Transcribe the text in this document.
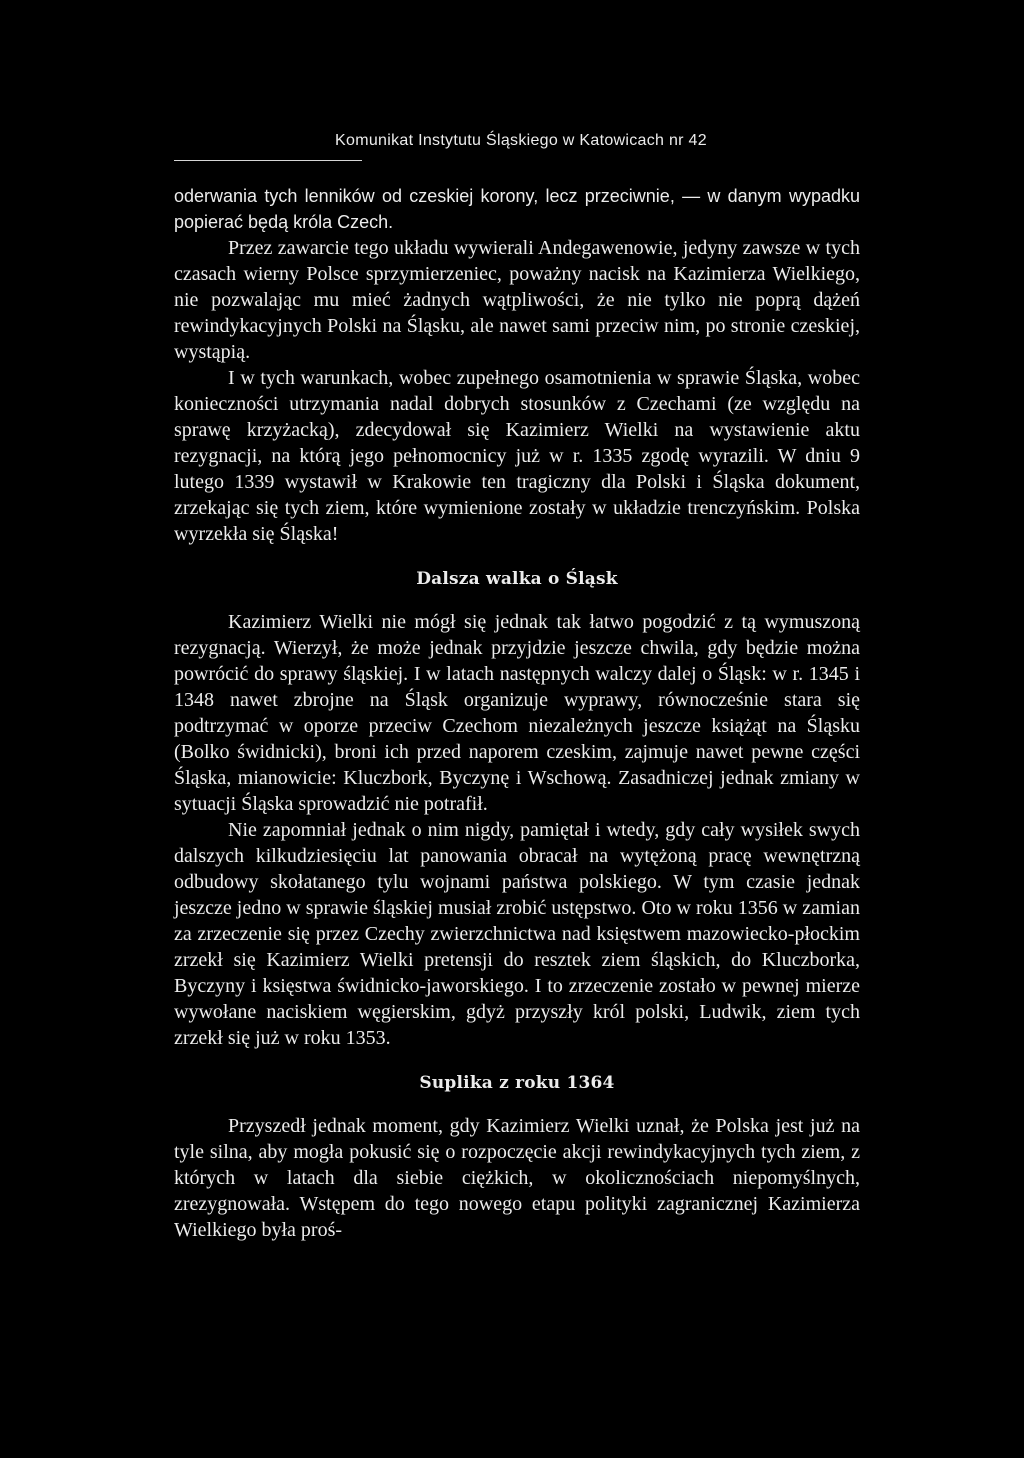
Komunikat Instytutu Śląskiego w Katowicach nr 42

oderwania tych lenników od czeskiej korony, lecz przeciwnie, — w danym wypadku popierać będą króla Czech.

Przez zawarcie tego układu wywierali Andegawenowie, jedyny zawsze w tych czasach wierny Polsce sprzymierzeniec, poważny nacisk na Kazimierza Wielkiego, nie pozwalając mu mieć żadnych wątpliwości, że nie tylko nie poprą dążeń rewindykacyjnych Polski na Śląsku, ale nawet sami przeciw nim, po stronie czeskiej, wystąpią.

I w tych warunkach, wobec zupełnego osamotnienia w sprawie Śląska, wobec konieczności utrzymania nadal dobrych stosunków z Czechami (ze względu na sprawę krzyżacką), zdecydował się Kazimierz Wielki na wystawienie aktu rezygnacji, na którą jego pełnomocnicy już w r. 1335 zgodę wyrazili. W dniu 9 lutego 1339 wystawił w Krakowie ten tragiczny dla Polski i Śląska dokument, zrzekając się tych ziem, które wymienione zostały w układzie trenczyńskim. Polska wyrzekła się Śląska!

Dalsza walka o Śląsk

Kazimierz Wielki nie mógł się jednak tak łatwo pogodzić z tą wymuszoną rezygnacją. Wierzył, że może jednak przyjdzie jeszcze chwila, gdy będzie można powrócić do sprawy śląskiej. I w latach następnych walczy dalej o Śląsk: w r. 1345 i 1348 nawet zbrojne na Śląsk organizuje wyprawy, równocześnie stara się podtrzymać w oporze przeciw Czechom niezależnych jeszcze książąt na Śląsku (Bolko świdnicki), broni ich przed naporem czeskim, zajmuje nawet pewne części Śląska, mianowicie: Kluczbork, Byczynę i Wschową. Zasadniczej jednak zmiany w sytuacji Śląska sprowadzić nie potrafił.

Nie zapomniał jednak o nim nigdy, pamiętał i wtedy, gdy cały wysiłek swych dalszych kilkudziesięciu lat panowania obracał na wytężoną pracę wewnętrzną odbudowy skołatanego tylu wojnami państwa polskiego. W tym czasie jednak jeszcze jedno w sprawie śląskiej musiał zrobić ustępstwo. Oto w roku 1356 w zamian za zrzeczenie się przez Czechy zwierzchnictwa nad księstwem mazowiecko-płockim zrzekł się Kazimierz Wielki pretensji do resztek ziem śląskich, do Kluczborka, Byczyny i księstwa świdnicko-jaworskiego. I to zrzeczenie zostało w pewnej mierze wywołane naciskiem węgierskim, gdyż przyszły król polski, Ludwik, ziem tych zrzekł się już w roku 1353.

Suplika z roku 1364

Przyszedł jednak moment, gdy Kazimierz Wielki uznał, że Polska jest już na tyle silna, aby mogła pokusić się o rozpoczęcie akcji rewindykacyjnych tych ziem, z których w latach dla siebie ciężkich, w okolicznościach niepomyślnych, zrezygnowała. Wstępem do tego nowego etapu polityki zagranicznej Kazimierza Wielkiego była proś-
